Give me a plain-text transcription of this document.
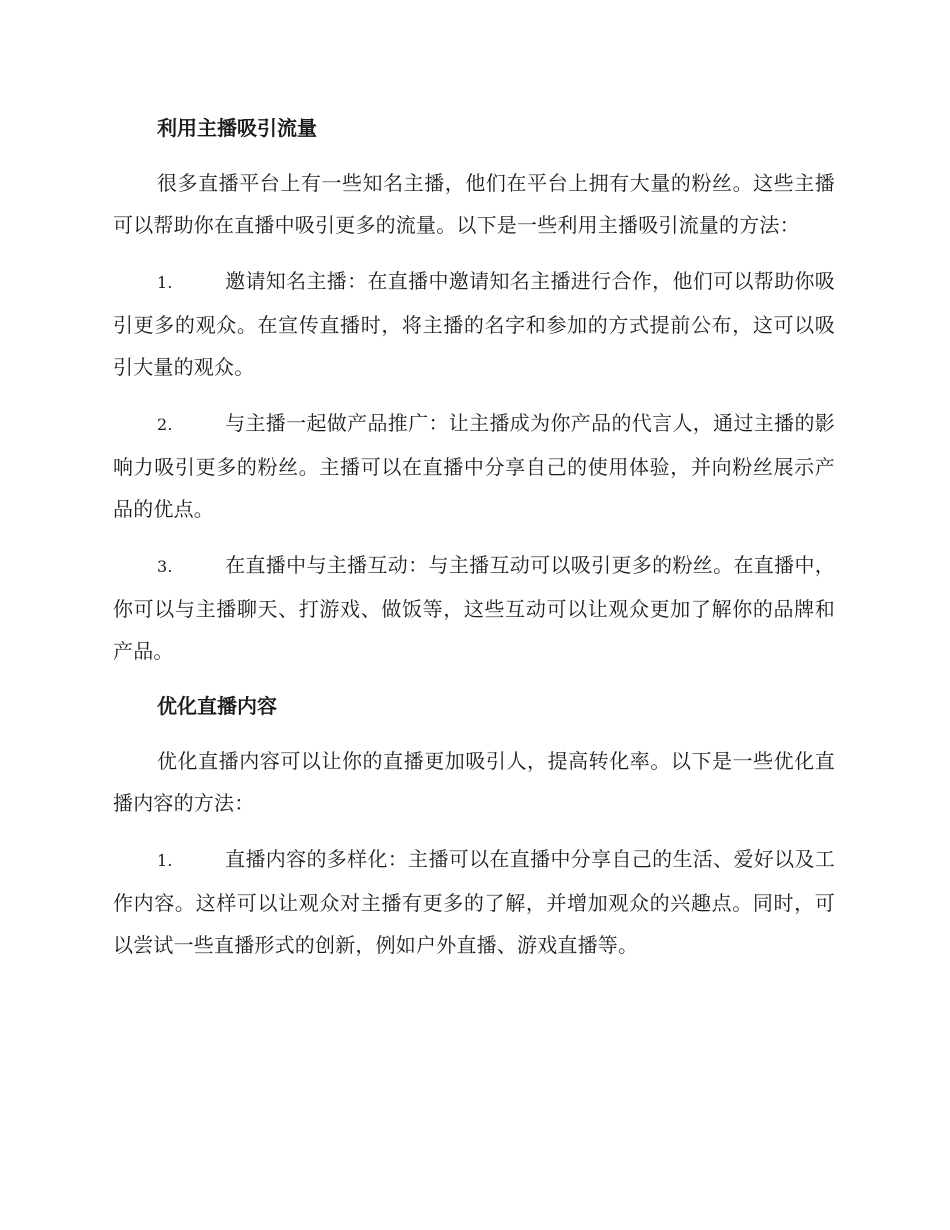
利用主播吸引流量

很多直播平台上有一些知名主播，他们在平台上拥有大量的粉丝。这些主播可以帮助你在直播中吸引更多的流量。以下是一些利用主播吸引流量的方法：

1.	邀请知名主播：在直播中邀请知名主播进行合作，他们可以帮助你吸引更多的观众。在宣传直播时，将主播的名字和参加的方式提前公布，这可以吸引大量的观众。

2.	与主播一起做产品推广：让主播成为你产品的代言人，通过主播的影响力吸引更多的粉丝。主播可以在直播中分享自己的使用体验，并向粉丝展示产品的优点。

3.	在直播中与主播互动：与主播互动可以吸引更多的粉丝。在直播中，你可以与主播聊天、打游戏、做饭等，这些互动可以让观众更加了解你的品牌和产品。

优化直播内容

优化直播内容可以让你的直播更加吸引人，提高转化率。以下是一些优化直播内容的方法：

1.	直播内容的多样化：主播可以在直播中分享自己的生活、爱好以及工作内容。这样可以让观众对主播有更多的了解，并增加观众的兴趣点。同时，可以尝试一些直播形式的创新，例如户外直播、游戏直播等。
